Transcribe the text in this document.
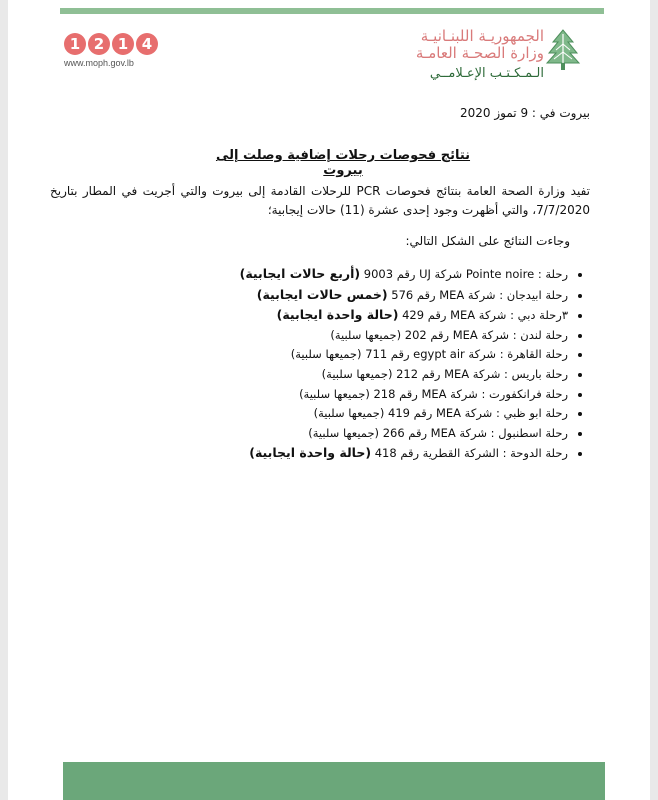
1 2 1 4
www.moph.gov.lb
الجمهوريـة اللبنـانيـة
وزارة الصحـة العامـة
الـمـكـتـب الإعـلامــي
بيروت في : 9 تموز 2020
نتائج فحوصات رحلات إضافية وصلت إلى بيروت
تفيد وزارة الصحة العامة بنتائج فحوصات PCR للرحلات القادمة إلى بيروت والتي أجريت في المطار بتاريخ 7/7/2020، والتي أظهرت وجود إحدى عشرة (11) حالات إيجابية؛
وجاءت النتائج على الشكل التالي:
• رحلة : Pointe noire شركة UJ رقم 9003 (أربع حالات ايجابية)
• رحلة ابيدجان : شركة MEA رقم 576 (خمس حالات ايجابية)
• ٣رحلة دبي : شركة MEA رقم 429 (حالة واحدة ايجابية)
• رحلة لندن : شركة MEA رقم 202 (جميعها سلبية)
• رحلة القاهرة : شركة egypt air رقم 711 (جميعها سلبية)
• رحلة باريس : شركة MEA رقم 212 (جميعها سلبية)
• رحلة فرانكفورت : شركة MEA رقم 218 (جميعها سلبية)
• رحلة ابو ظبي : شركة MEA رقم 419 (جميعها سلبية)
• رحلة اسطنبول : شركة MEA رقم 266 (جميعها سلبية)
• رحلة الدوحة : الشركة القطرية رقم 418 (حالة واحدة ايجابية)
